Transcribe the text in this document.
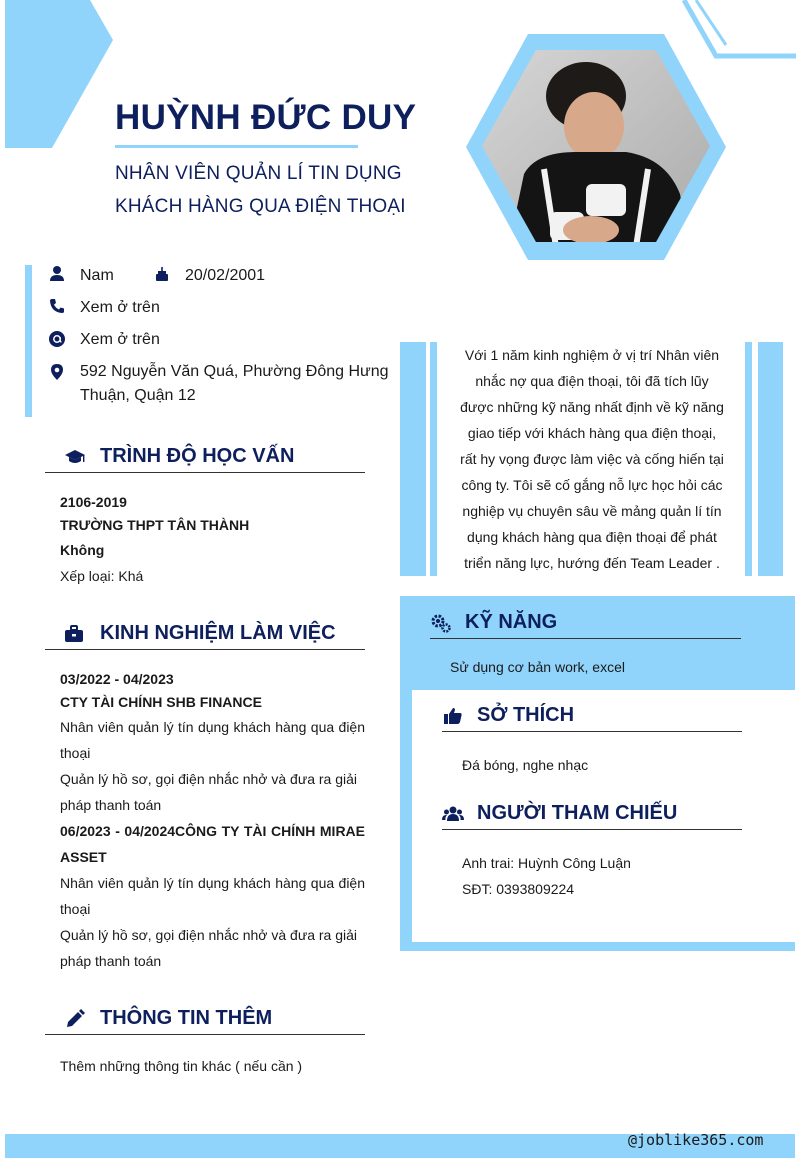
HUỲNH ĐỨC DUY
NHÂN VIÊN QUẢN LÍ TIN DỤNG
KHÁCH HÀNG QUA ĐIỆN THOẠI
Nam	20/02/2001
Xem ở trên
Xem ở trên
592 Nguyễn Văn Quá, Phường Đông Hưng
Thuận, Quận 12
TRÌNH ĐỘ HỌC VẤN
2106-2019
TRƯỜNG THPT TÂN THÀNH
Không
Xếp loại: Khá
KINH NGHIỆM LÀM VIỆC
03/2022 - 04/2023
CTY TÀI CHÍNH SHB FINANCE
Nhân viên quản lý tín dụng khách hàng qua điện
thoại
Quản lý hồ sơ, gọi điện nhắc nhở và đưa ra giải
pháp thanh toán
06/2023 - 04/2024CÔNG TY TÀI CHÍNH MIRAE
ASSET
Nhân viên quản lý tín dụng khách hàng qua điện
thoại
Quản lý hồ sơ, gọi điện nhắc nhở và đưa ra giải
pháp thanh toán
THÔNG TIN THÊM
Thêm những thông tin khác ( nếu cần )
Với 1 năm kinh nghiệm ở vị trí Nhân viên
nhắc nợ qua điện thoại, tôi đã tích lũy
được những kỹ năng nhất định về kỹ năng
giao tiếp với khách hàng qua điện thoại,
rất hy vọng được làm việc và cống hiến tại
công ty. Tôi sẽ cố gắng nỗ lực học hỏi các
nghiệp vụ chuyên sâu về mảng quản lí tín
dụng khách hàng qua điện thoại để phát
triển năng lực, hướng đến Team Leader .
KỸ NĂNG
Sử dụng cơ bản work, excel
SỞ THÍCH
Đá bóng, nghe nhạc
NGƯỜI THAM CHIẾU
Anh trai: Huỳnh Công Luận
SĐT: 0393809224
@joblike365.com
